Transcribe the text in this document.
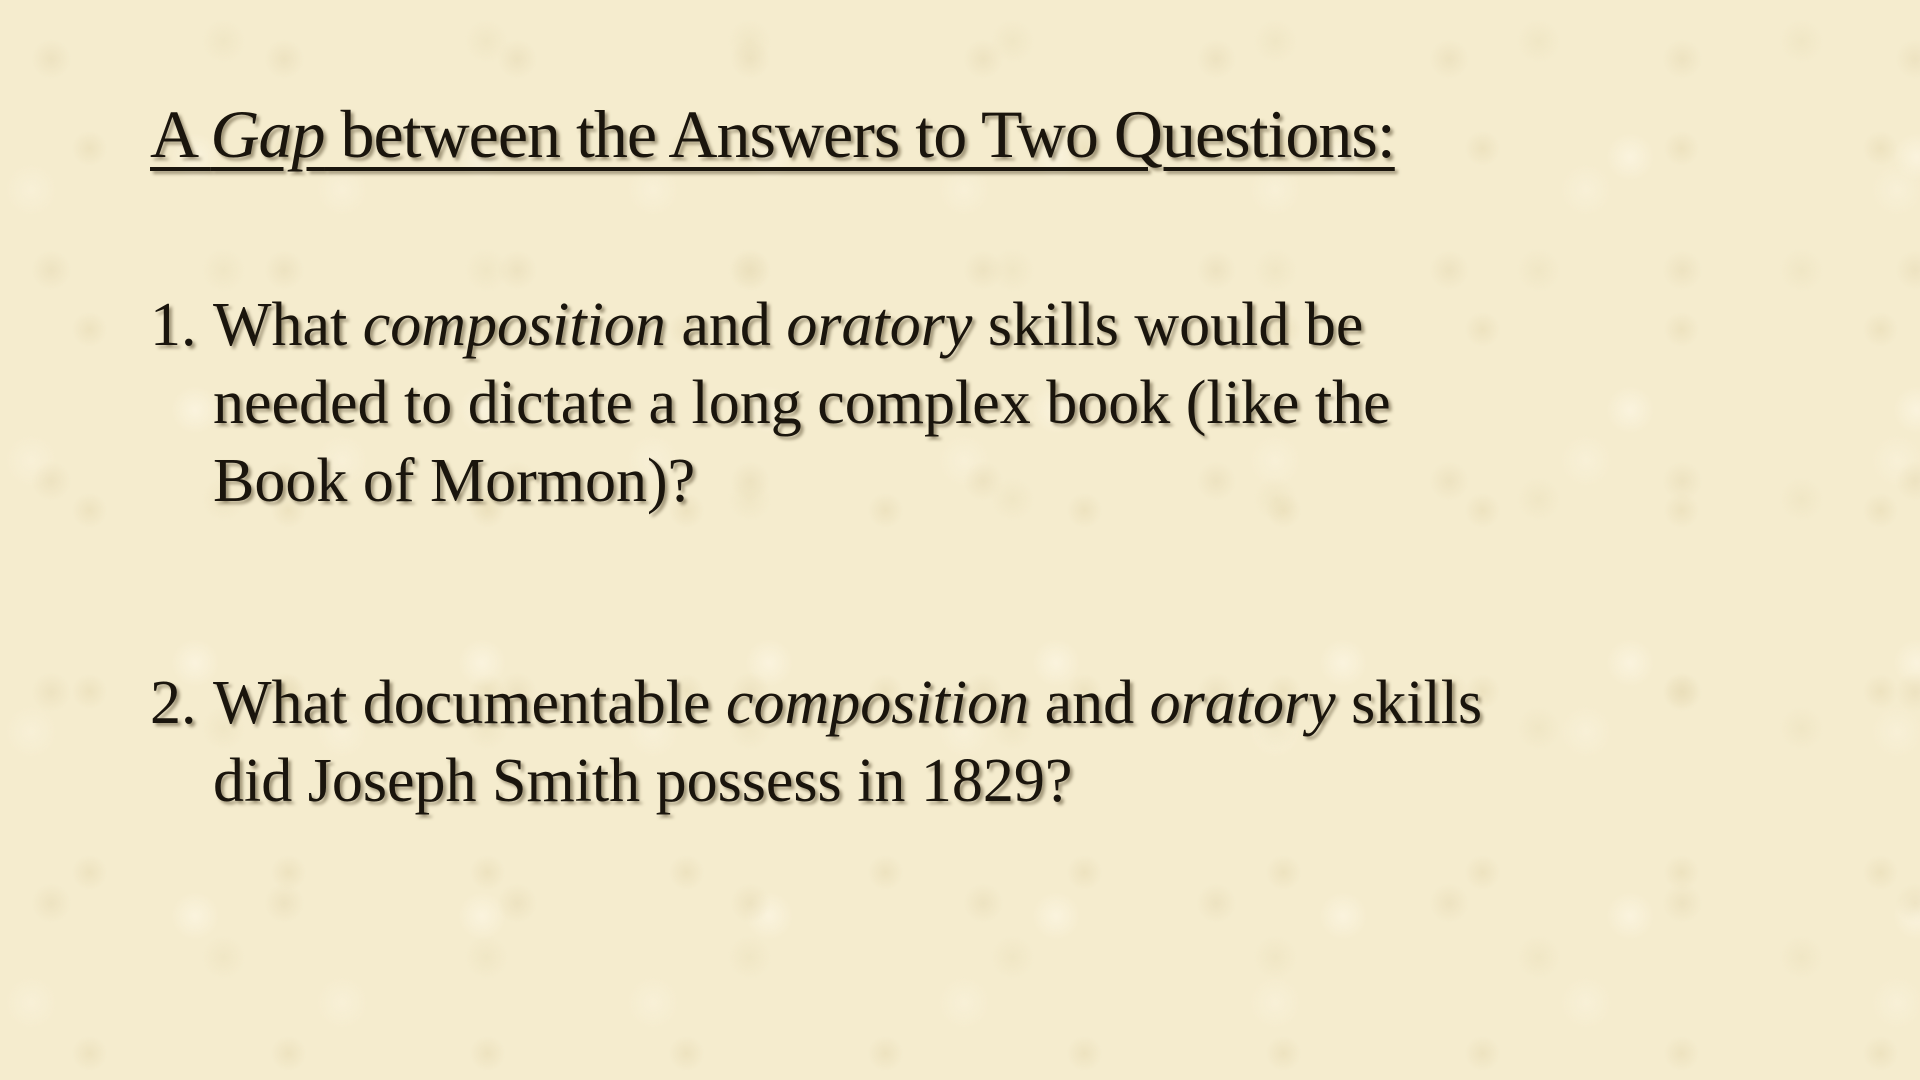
A Gap between the Answers to Two Questions:
1. What composition and oratory skills would be
needed to dictate a long complex book (like the
Book of Mormon)?
2. What documentable composition and oratory skills
did Joseph Smith possess in 1829?
